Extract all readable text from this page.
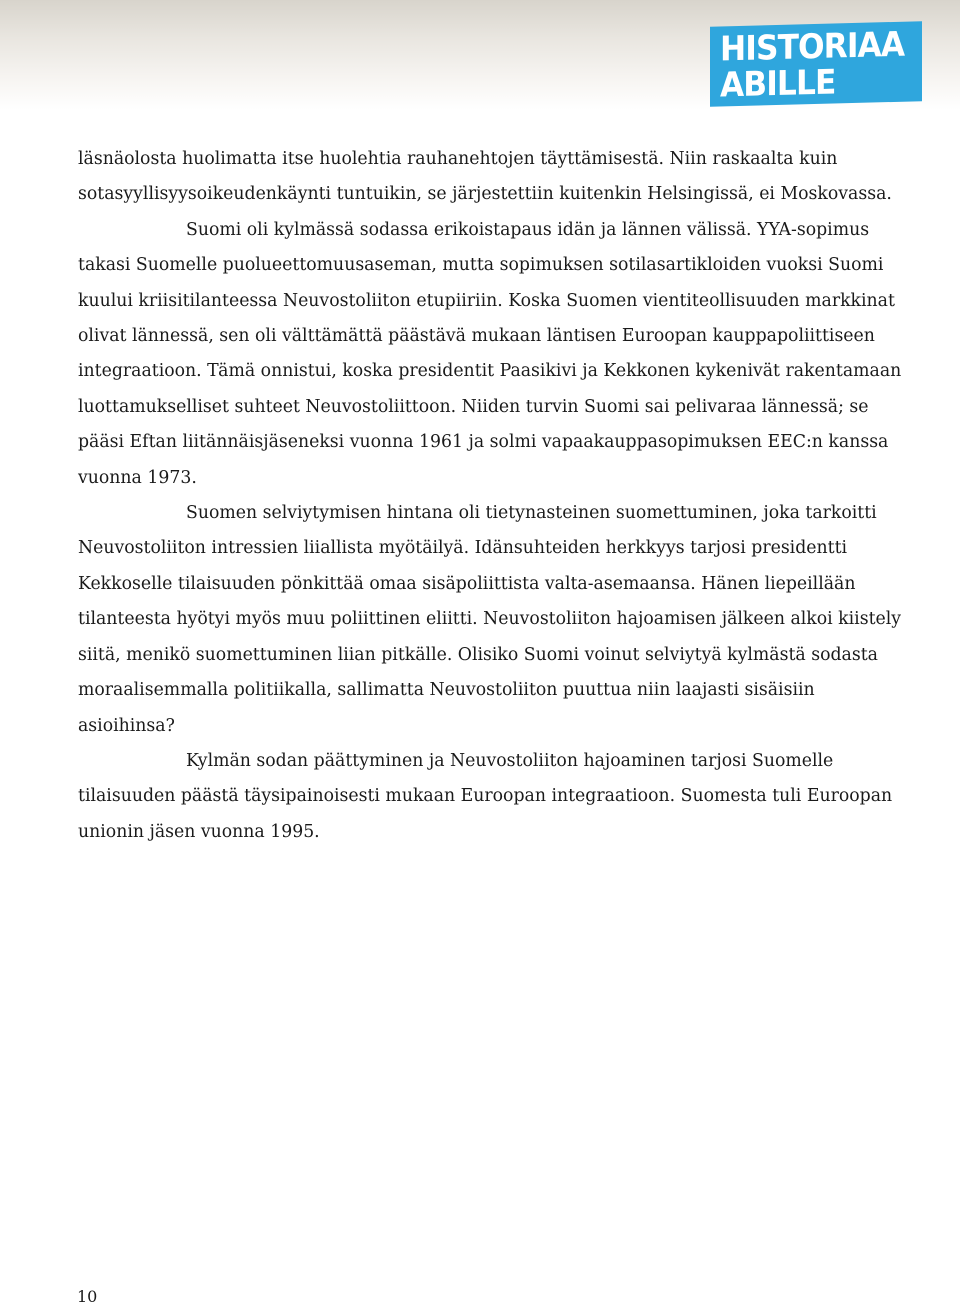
HISTORIAA
ABILLE

läsnäolosta huolimatta itse huolehtia rauhanehtojen täyttämisestä. Niin raskaalta kuin
sotasyyllisyysoikeudenkäynti tuntuikin, se järjestettiin kuitenkin Helsingissä, ei Moskovassa.

Suomi oli kylmässä sodassa erikoistapaus idän ja lännen välissä. YYA-sopimus
takasi Suomelle puolueettomuusaseman, mutta sopimuksen sotilasartikloiden vuoksi Suomi
kuului kriisitilanteessa Neuvostoliiton etupiiriin. Koska Suomen vientiteollisuuden markkinat
olivat lännessä, sen oli välttämättä päästävä mukaan läntisen Euroopan kauppapoliittiseen
integraatioon. Tämä onnistui, koska presidentit Paasikivi ja Kekkonen kykenivät rakentamaan
luottamukselliset suhteet Neuvostoliittoon. Niiden turvin Suomi sai pelivaraa lännessä; se
pääsi Eftan liitännäisjäseneksi vuonna 1961 ja solmi vapaakauppasopimuksen EEC:n kanssa
vuonna 1973.

Suomen selviytymisen hintana oli tietynasteinen suomettuminen, joka tarkoitti
Neuvostoliiton intressien liiallista myötäilyä. Idänsuhteiden herkkyys tarjosi presidentti
Kekkoselle tilaisuuden pönkittää omaa sisäpoliittista valta-asemaansa. Hänen liepeillään
tilanteesta hyötyi myös muu poliittinen eliitti. Neuvostoliiton hajoamisen jälkeen alkoi kiistely
siitä, menikö suomettuminen liian pitkälle. Olisiko Suomi voinut selviytyä kylmästä sodasta
moraalisemmalla politiikalla, sallimatta Neuvostoliiton puuttua niin laajasti sisäisiin
asioihinsa?

Kylmän sodan päättyminen ja Neuvostoliiton hajoaminen tarjosi Suomelle
tilaisuuden päästä täysipainoisesti mukaan Euroopan integraatioon. Suomesta tuli Euroopan
unionin jäsen vuonna 1995.

10
